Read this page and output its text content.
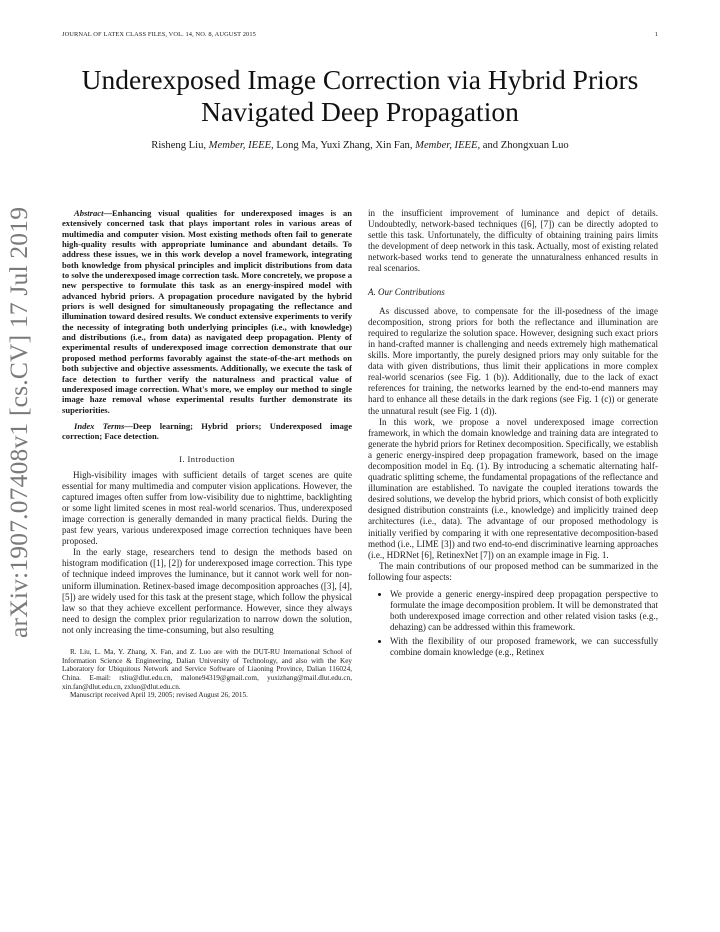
JOURNAL OF LATEX CLASS FILES, VOL. 14, NO. 8, AUGUST 2015	1
Underexposed Image Correction via Hybrid Priors
Navigated Deep Propagation
Risheng Liu, Member, IEEE, Long Ma, Yuxi Zhang, Xin Fan, Member, IEEE, and Zhongxuan Luo
arXiv:1907.07408v1 [cs.CV] 17 Jul 2019	Abstract—Enhancing visual qualities for underexposed images is an extensively concerned task that plays important roles in various areas of multimedia and computer vision. Most existing methods often fail to generate high-quality results with appropriate luminance and abundant details. To address these issues, we in this work develop a novel framework, integrating both knowledge from physical principles and implicit distributions from data to solve the underexposed image correction task. More concretely, we propose a new perspective to formulate this task as an energy-inspired model with advanced hybrid priors. A propagation procedure navigated by the hybrid priors is well designed for simultaneously propagating the reflectance and illumination toward desired results. We conduct extensive experiments to verify the necessity of integrating both underlying principles (i.e., with knowledge) and distributions (i.e., from data) as navigated deep propagation. Plenty of experimental results of underexposed image correction demonstrate that our proposed method performs favorably against the state-of-the-art methods on both subjective and objective assessments. Additionally, we execute the task of face detection to further verify the naturalness and practical value of underexposed image correction. What's more, we employ our method to single image haze removal whose experimental results further demonstrate its superiorities.

Index Terms—Deep learning; Hybrid priors; Underexposed image correction; Face detection.

I. Introduction

High-visibility images with sufficient details of target scenes are quite essential for many multimedia and computer vision applications. However, the captured images often suffer from low-visibility due to nighttime, backlighting or some light limited scenes in most real-world scenarios. Thus, underexposed image correction is generally demanded in many practical fields. During the past few years, various underexposed image correction techniques have been proposed.

In the early stage, researchers tend to design the methods based on histogram modification ([1], [2]) for underexposed image correction. This type of technique indeed improves the luminance, but it cannot work well for non-uniform illumination. Retinex-based image decomposition approaches ([3], [4], [5]) are widely used for this task at the present stage, which follow the physical law so that they achieve excellent performance. However, since they always need to design the complex prior regularization to narrow down the solution, not only increasing the time-consuming, but also resulting

R. Liu, L. Ma, Y. Zhang, X. Fan, and Z. Luo are with the DUT-RU International School of Information Science & Engineering, Dalian University of Technology, and also with the Key Laboratory for Ubiquitous Network and Service Software of Liaoning Province, Dalian 116024, China. E-mail: rsliu@dlut.edu.cn, malone94319@gmail.com, yuxizhang@mail.dlut.edu.cn, xin.fan@dlut.edu.cn, zxluo@dlut.edu.cn.

Manuscript received April 19, 2005; revised August 26, 2015.

in the insufficient improvement of luminance and depict of details. Undoubtedly, network-based techniques ([6], [7]) can be directly adopted to settle this task. Unfortunately, the difficulty of obtaining training pairs limits the development of deep network in this task. Actually, most of existing related network-based works tend to generate the unnaturalness enhanced results in real scenarios.

A. Our Contributions

As discussed above, to compensate for the ill-posedness of the image decomposition, strong priors for both the reflectance and illumination are required to regularize the solution space. However, designing such exact priors in hand-crafted manner is challenging and needs extremely high mathematical skills. More importantly, the purely designed priors may only suitable for the data with given distributions, thus limit their applications in more complex real-world scenarios (see Fig. 1 (b)). Additionally, due to the lack of exact references for training, the networks learned by the end-to-end manners may hard to enhance all these details in the dark regions (see Fig. 1 (c)) or generate the unnatural result (see Fig. 1 (d)).

In this work, we propose a novel underexposed image correction framework, in which the domain knowledge and training data are integrated to generate the hybrid priors for Retinex decomposition. Specifically, we establish a generic energy-inspired deep propagation framework, based on the image decomposition model in Eq. (1). By introducing a schematic alternating half-quadratic splitting scheme, the fundamental propagations of the reflectance and illumination are established. To navigate the coupled iterations towards the desired solutions, we develop the hybrid priors, which consist of both explicitly designed distribution constraints (i.e., knowledge) and implicitly trained deep architectures (i.e., data). The advantage of our proposed methodology is initially verified by comparing it with one representative decomposition-based method (i.e., LIME [3]) and two end-to-end discriminative learning approaches (i.e., HDRNet [6], RetinexNet [7]) on an example image in Fig. 1.

The main contributions of our proposed method can be summarized in the following four aspects:

• We provide a generic energy-inspired deep propagation perspective to formulate the image decomposition problem. It will be demonstrated that both underexposed image correction and other related vision tasks (e.g., dehazing) can be addressed within this framework.
• With the flexibility of our proposed framework, we can successfully combine domain knowledge (e.g., Retinex
